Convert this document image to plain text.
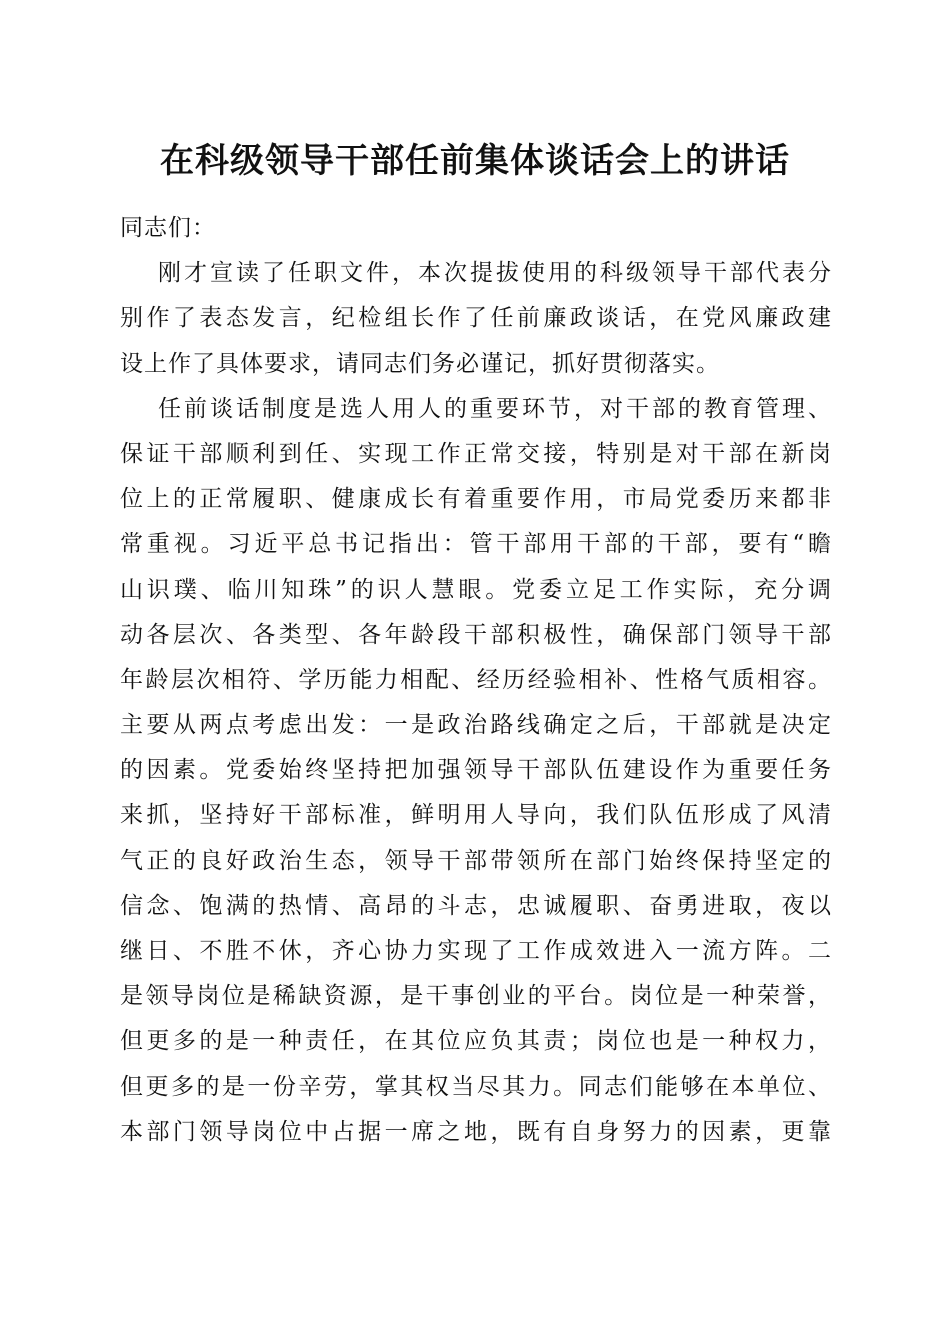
在科级领导干部任前集体谈话会上的讲话
同志们：
刚才宣读了任职文件，本次提拔使用的科级领导干部代表分
别作了表态发言，纪检组长作了任前廉政谈话，在党风廉政建
设上作了具体要求，请同志们务必谨记，抓好贯彻落实。
任前谈话制度是选人用人的重要环节，对干部的教育管理、
保证干部顺利到任、实现工作正常交接，特别是对干部在新岗
位上的正常履职、健康成长有着重要作用，市局党委历来都非
常重视。习近平总书记指出：管干部用干部的干部，要有“瞻
山识璞、临川知珠”的识人慧眼。党委立足工作实际，充分调
动各层次、各类型、各年龄段干部积极性，确保部门领导干部
年龄层次相符、学历能力相配、经历经验相补、性格气质相容。
主要从两点考虑出发：一是政治路线确定之后，干部就是决定
的因素。党委始终坚持把加强领导干部队伍建设作为重要任务
来抓，坚持好干部标准，鲜明用人导向，我们队伍形成了风清
气正的良好政治生态，领导干部带领所在部门始终保持坚定的
信念、饱满的热情、高昂的斗志，忠诚履职、奋勇进取，夜以
继日、不胜不休，齐心协力实现了工作成效进入一流方阵。二
是领导岗位是稀缺资源，是干事创业的平台。岗位是一种荣誉，
但更多的是一种责任，在其位应负其责；岗位也是一种权力，
但更多的是一份辛劳，掌其权当尽其力。同志们能够在本单位、
本部门领导岗位中占据一席之地，既有自身努力的因素，更靠
